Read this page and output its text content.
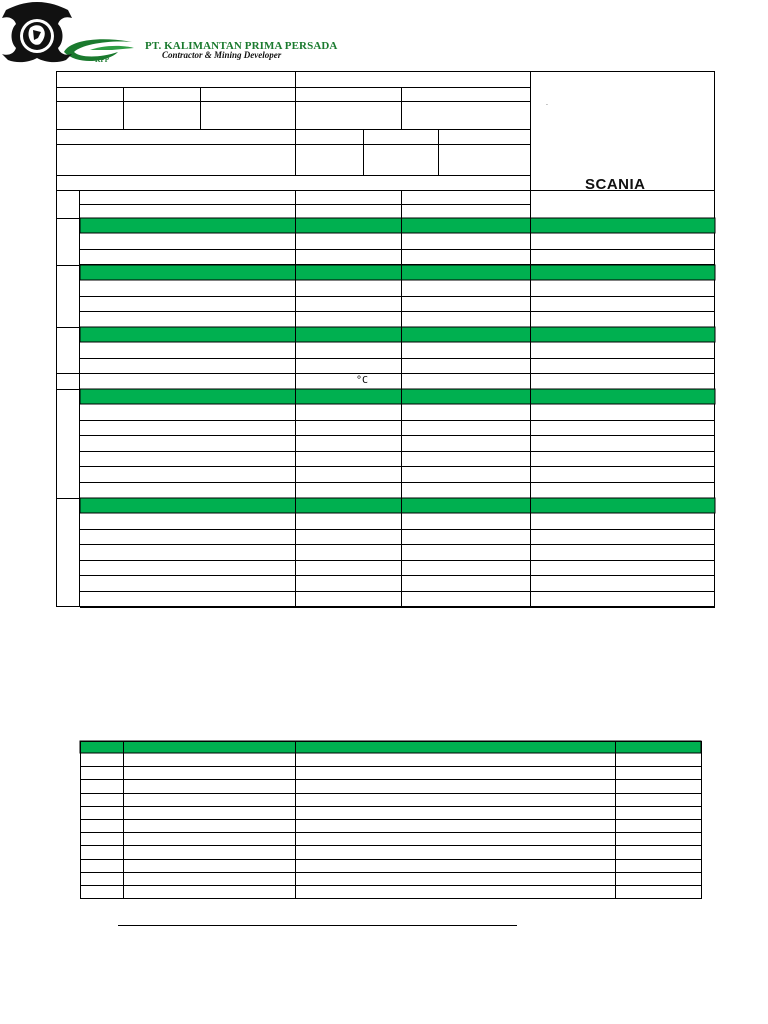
PT. KALIMANTAN PRIMA PERSADA
Contractor & Mining Developer
KPP
SCANIA
.
°C
